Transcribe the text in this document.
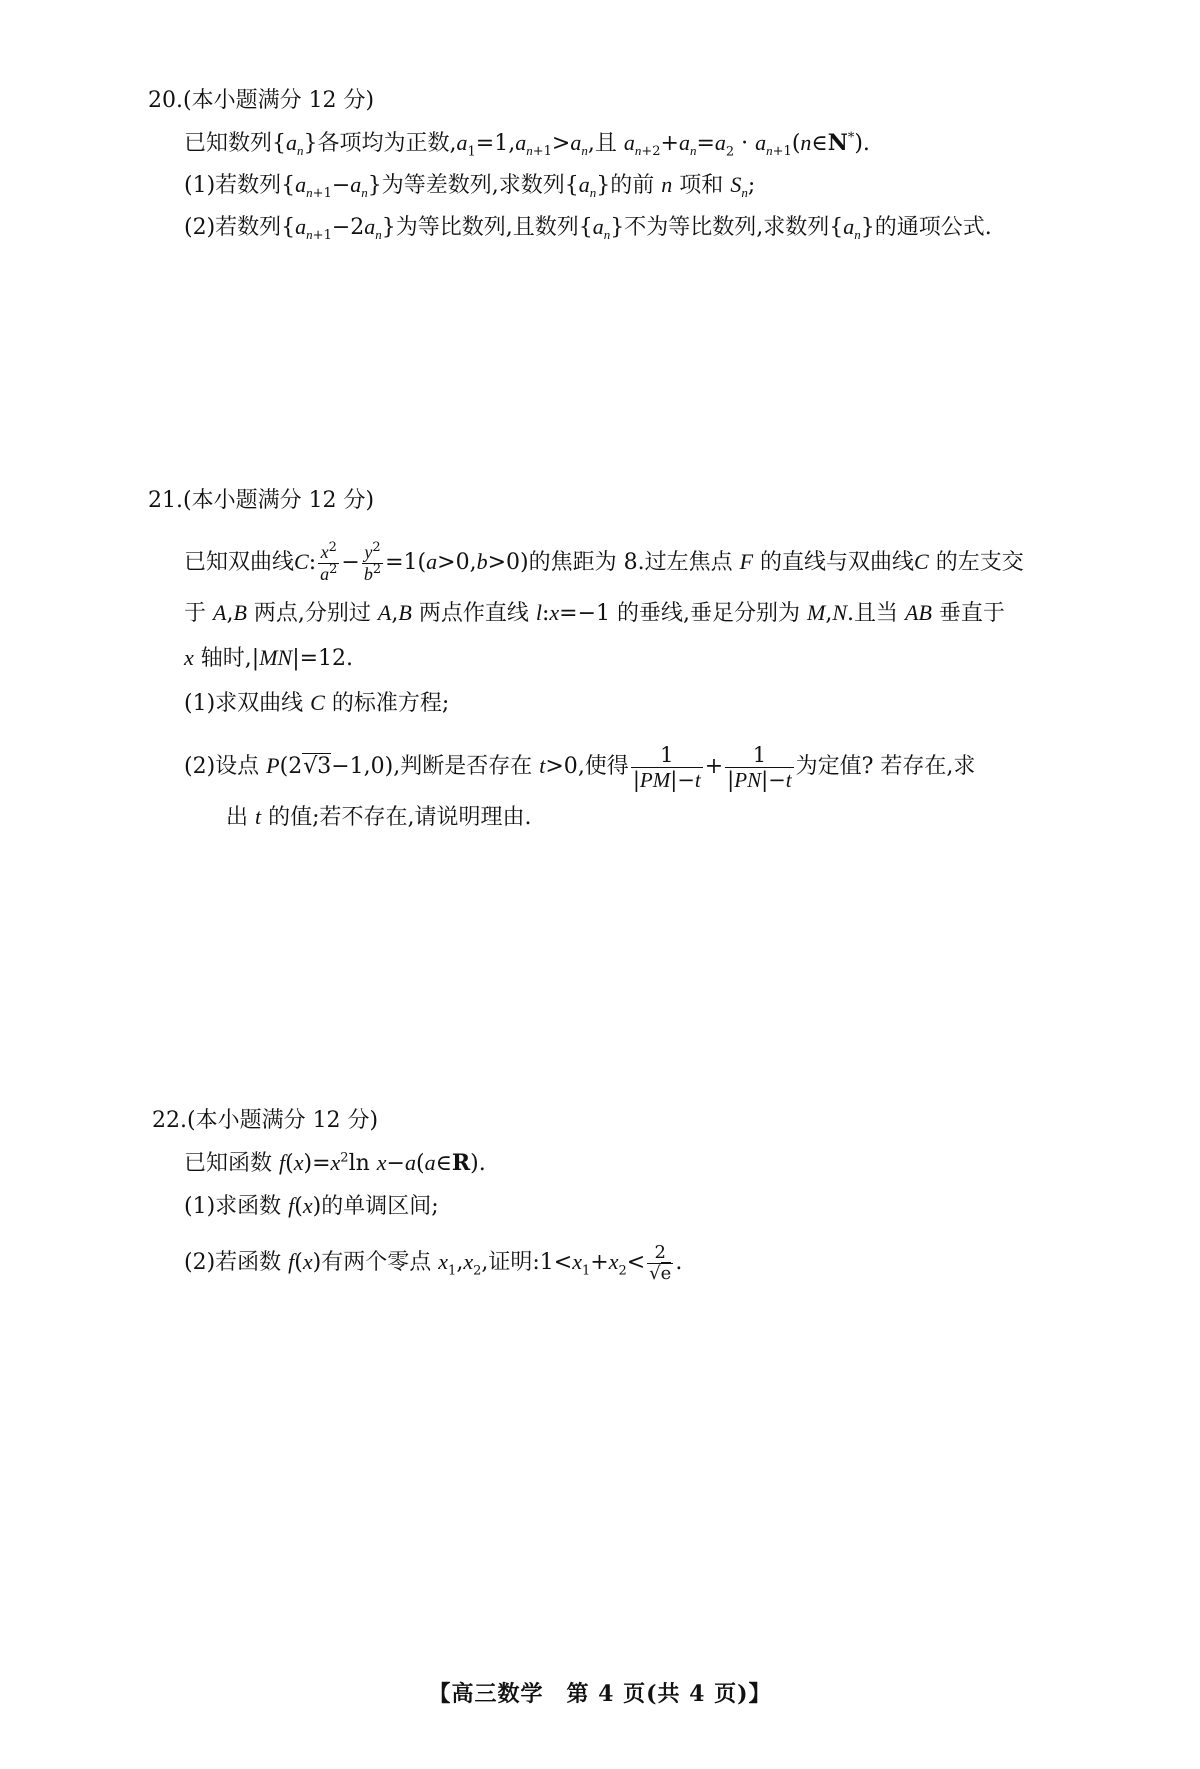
20.(本小题满分 12 分)
已知数列$\{a_n\}$各项均为正数$,a_1=1,a_{n+1}>a_n$,且 $a_{n+2}+a_n=a_2$ · $a_{n+1}(n\in N^*)$.
(1)若数列$\{a_{n+1}-a_n\}$为等差数列,求数列$\{a_n\}$的前 n 项和 $S_n$;
(2)若数列$\{a_{n+1}-2a_n\}$为等比数列,且数列$\{a_n\}$不为等比数列,求数列$\{a_n\}$的通项公式.
21.(本小题满分 12 分)
已知双曲线C: $\frac{x^2}{a^2} - \frac{y^2}{b^2} =1(a>0,b>0)$的焦距为 8.过左焦点 F 的直线与双曲线C 的左支交
于 A,B 两点,分别过 A,B 两点作直线 l:x=−1 的垂线,垂足分别为 M,N.且当 AB 垂直于
x 轴时,|MN|=12.
(1)求双曲线 C 的标准方程;
(2)设点 P(2√3−1,0),判断是否存在 t>0,使得 $\frac{1}{|PM|-t} + \frac{1}{|PN|-t}$ 为定值? 若存在,求
出 t 的值;若不存在,请说明理由.
22.(本小题满分 12 分)
已知函数 $f(x)=x^2\ln$ x−a(a∈R).
(1)求函数 f(x)的单调区间;
(2)若函数 f(x)有两个零点 $x_1,x_2$,证明$:1<x_1+x_2< \frac{2}{√e}$ .
【高三数学　第 4 页(共 4 页)】
